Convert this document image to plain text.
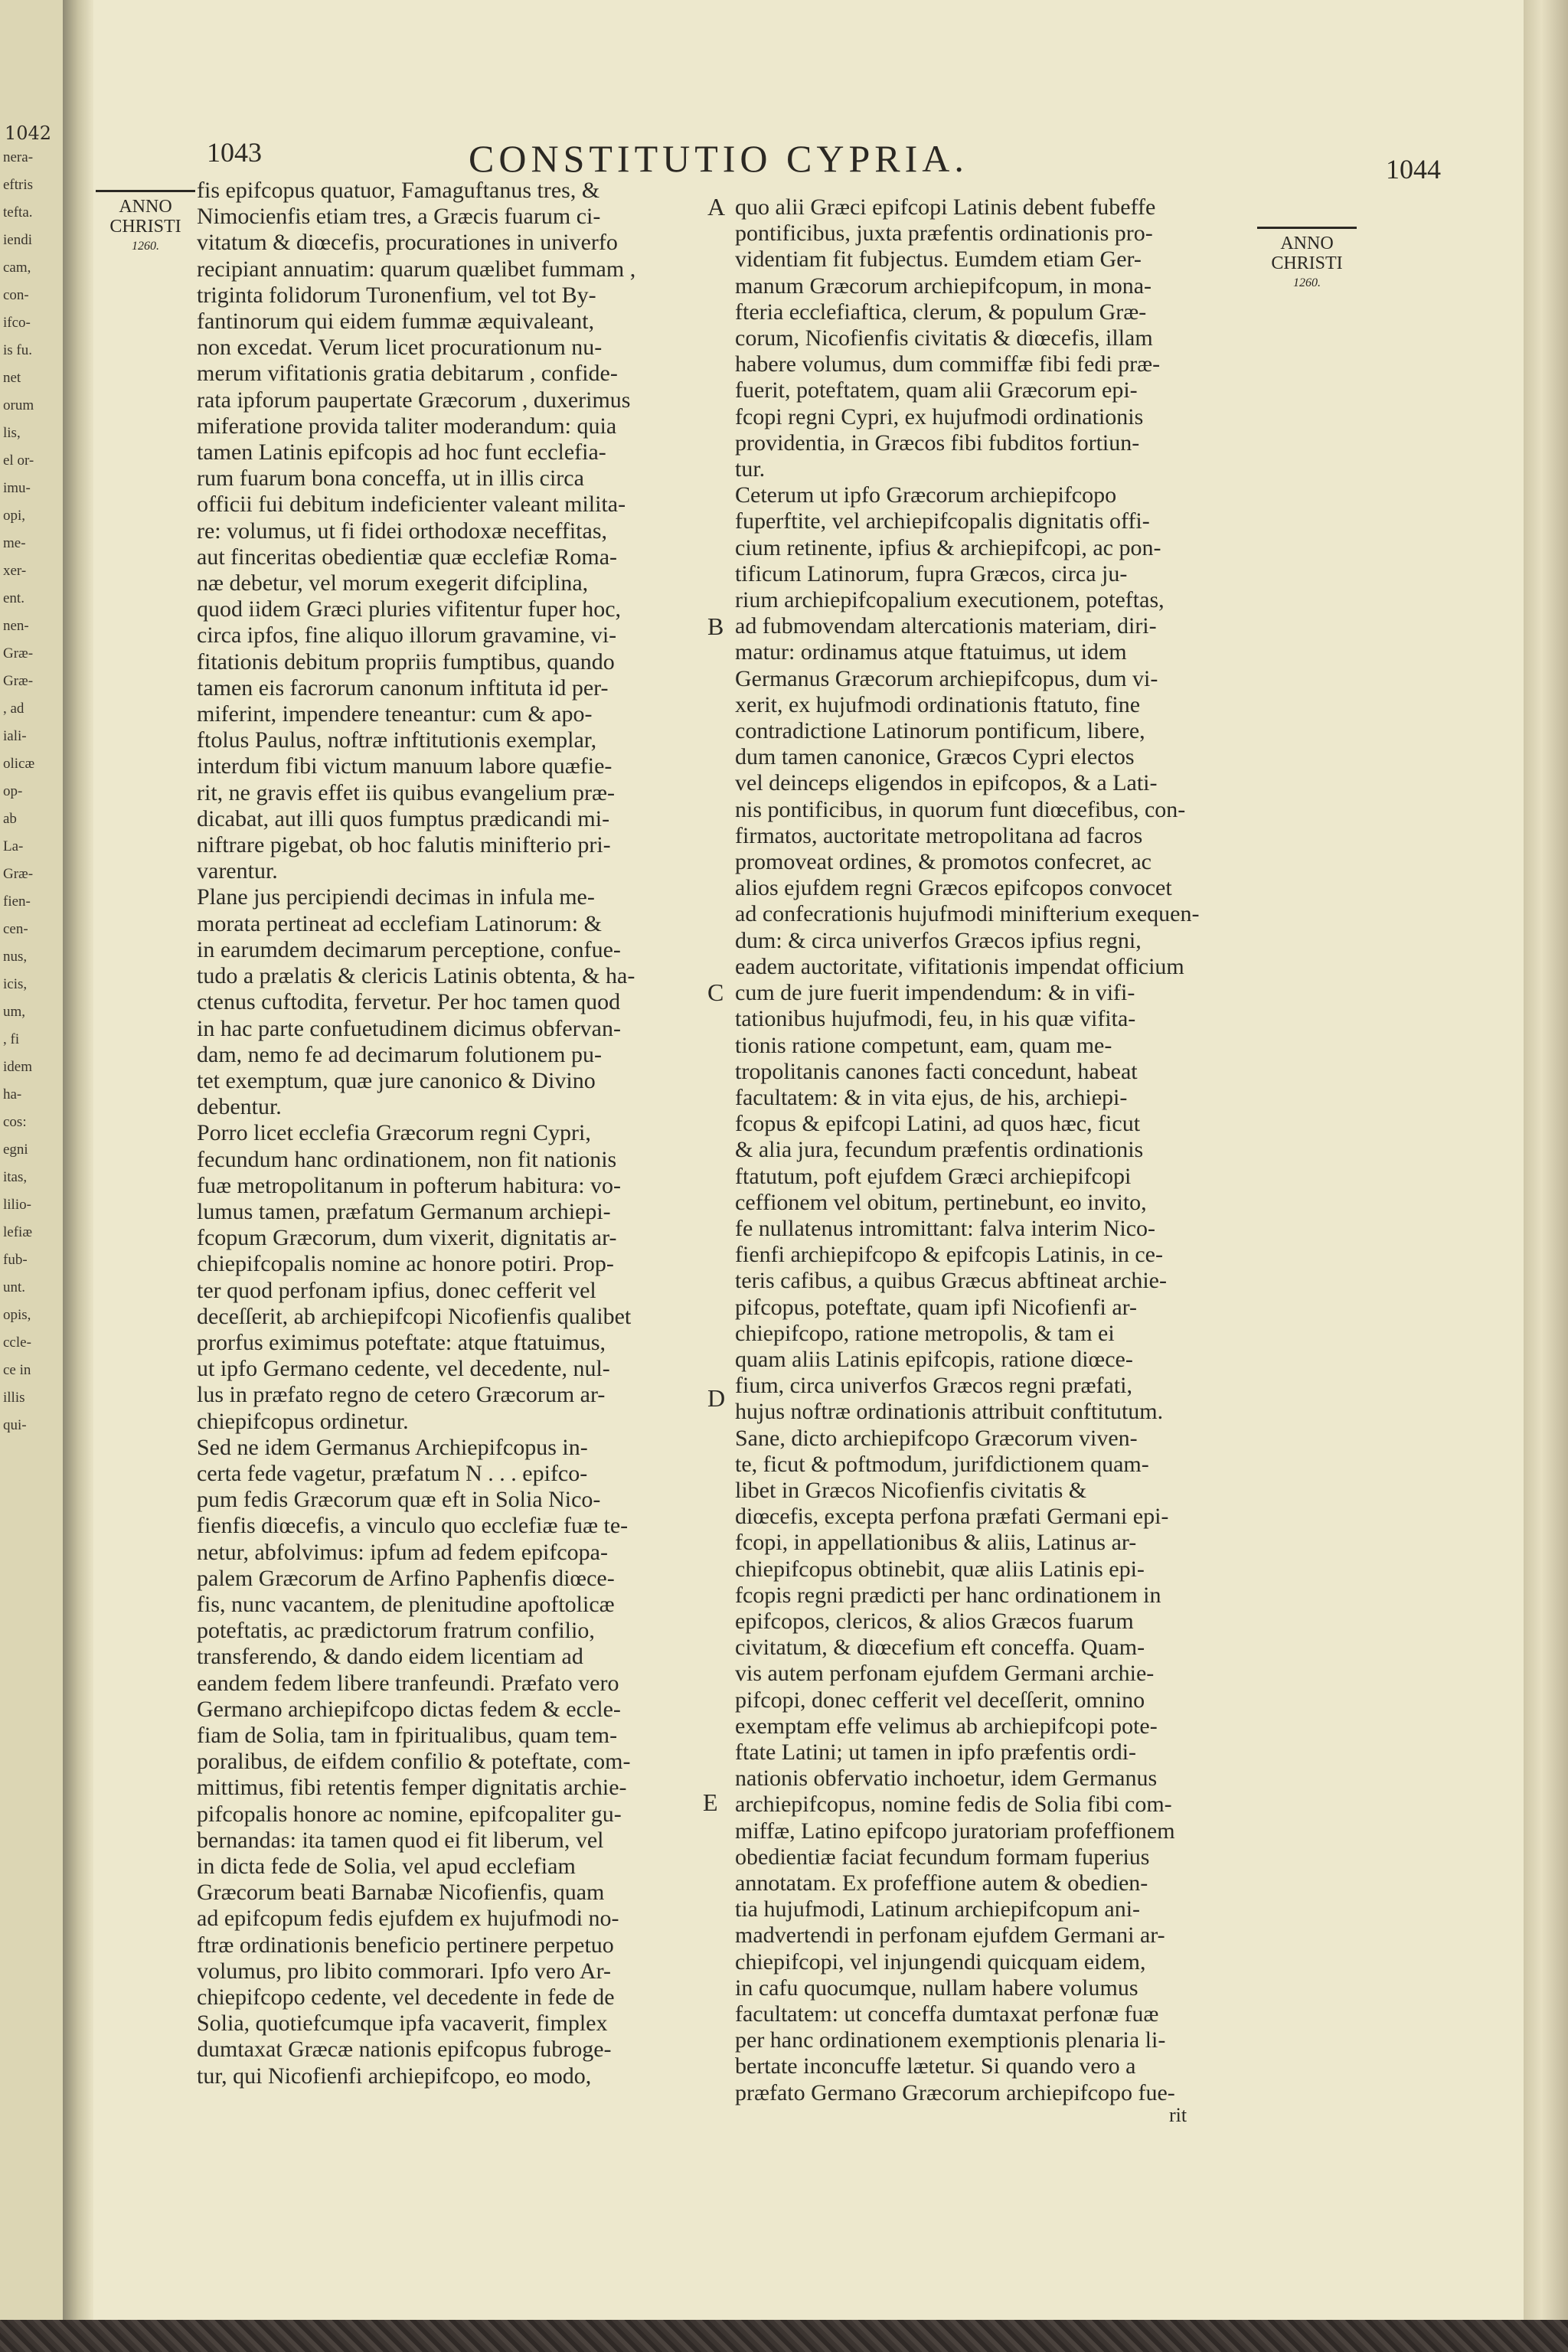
1042
nera-
eftris
tefta.
iendi
cam,
con-
ifco-
is fu.
net
orum
lis,
el or-
imu-
opi,
me-
xer-
ent.
nen-
Græ-
Græ-
, ad
iali-
olicæ
op-
ab
La-
Græ-
fien-
cen-
nus,
icis,
um,
, fi
idem
ha-
cos:
egni
itas,
lilio-
lefiæ
fub-
unt.
opis,
ccle-
ce in
illis
qui-
1043	CONSTITUTIO CYPRIA.	1044
ANNO
CHRISTI
1260.	ANNO
CHRISTI
1260.
fis epifcopus quatuor, Famaguftanus tres, &
Nimocienfis etiam tres, a Græcis fuarum ci-
vitatum & diœcefis, procurationes in univerfo
recipiant annuatim: quarum quælibet fummam ,
triginta folidorum Turonenfium, vel tot By-
fantinorum qui eidem fummæ æquivaleant,
non excedat. Verum licet procurationum nu-
merum vifitationis gratia debitarum , confide-
rata ipforum paupertate Græcorum , duxerimus
miferatione provida taliter moderandum: quia
tamen Latinis epifcopis ad hoc funt ecclefia-
rum fuarum bona conceffa, ut in illis circa
officii fui debitum indeficienter valeant milita-
re: volumus, ut fi fidei orthodoxæ neceffitas,
aut finceritas obedientiæ quæ ecclefiæ Roma-
næ debetur, vel morum exegerit difciplina,
quod iidem Græci pluries vifitentur fuper hoc,
circa ipfos, fine aliquo illorum gravamine, vi-
fitationis debitum propriis fumptibus, quando
tamen eis facrorum canonum inftituta id per-
miferint, impendere teneantur: cum & apo-
ftolus Paulus, noftræ inftitutionis exemplar,
interdum fibi victum manuum labore quæfie-
rit, ne gravis effet iis quibus evangelium præ-
dicabat, aut illi quos fumptus prædicandi mi-
niftrare pigebat, ob hoc falutis minifterio pri-
varentur.
Plane jus percipiendi decimas in infula me-
morata pertineat ad ecclefiam Latinorum: &
in earumdem decimarum perceptione, confue-
tudo a prælatis & clericis Latinis obtenta, & ha-
ctenus cuftodita, fervetur. Per hoc tamen quod
in hac parte confuetudinem dicimus obfervan-
dam, nemo fe ad decimarum folutionem pu-
tet exemptum, quæ jure canonico & Divino
debentur.
Porro licet ecclefia Græcorum regni Cypri,
fecundum hanc ordinationem, non fit nationis
fuæ metropolitanum in pofterum habitura: vo-
lumus tamen, præfatum Germanum archiepi-
fcopum Græcorum, dum vixerit, dignitatis ar-
chiepifcopalis nomine ac honore potiri. Prop-
ter quod perfonam ipfius, donec cefferit vel
deceſſerit, ab archiepifcopi Nicofienfis qualibet
prorfus eximimus poteftate: atque ftatuimus,
ut ipfo Germano cedente, vel decedente, nul-
lus in præfato regno de cetero Græcorum ar-
chiepifcopus ordinetur.
Sed ne idem Germanus Archiepifcopus in-
certa fede vagetur, præfatum N . . . epifco-
pum fedis Græcorum quæ eft in Solia Nico-
fienfis diœcefis, a vinculo quo ecclefiæ fuæ te-
netur, abfolvimus: ipfum ad fedem epifcopa-
palem Græcorum de Arfino Paphenfis diœce-
fis, nunc vacantem, de plenitudine apoftolicæ
poteftatis, ac prædictorum fratrum confilio,
transferendo, & dando eidem licentiam ad
eandem fedem libere tranfeundi. Præfato vero
Germano archiepifcopo dictas fedem & eccle-
fiam de Solia, tam in fpiritualibus, quam tem-
poralibus, de eifdem confilio & poteftate, com-
mittimus, fibi retentis femper dignitatis archie-
pifcopalis honore ac nomine, epifcopaliter gu-
bernandas: ita tamen quod ei fit liberum, vel
in dicta fede de Solia, vel apud ecclefiam
Græcorum beati Barnabæ Nicofienfis, quam
ad epifcopum fedis ejufdem ex hujufmodi no-
ftræ ordinationis beneficio pertinere perpetuo
volumus, pro libito commorari. Ipfo vero Ar-
chiepifcopo cedente, vel decedente in fede de
Solia, quotiefcumque ipfa vacaverit, fimplex
dumtaxat Græcæ nationis epifcopus fubroge-
tur, qui Nicofienfi archiepifcopo, eo modo,
quo alii Græci epifcopi Latinis debent fubeffe
pontificibus, juxta præfentis ordinationis pro-
videntiam fit fubjectus. Eumdem etiam Ger-
manum Græcorum archiepifcopum, in mona-
fteria ecclefiaftica, clerum, & populum Græ-
corum, Nicofienfis civitatis & diœcefis, illam
habere volumus, dum commiffæ fibi fedi præ-
fuerit, poteftatem, quam alii Græcorum epi-
fcopi regni Cypri, ex hujufmodi ordinationis
providentia, in Græcos fibi fubditos fortiun-
tur.
Ceterum ut ipfo Græcorum archiepifcopo
fuperftite, vel archiepifcopalis dignitatis offi-
cium retinente, ipfius & archiepifcopi, ac pon-
tificum Latinorum, fupra Græcos, circa ju-
rium archiepifcopalium executionem, poteftas,
ad fubmovendam altercationis materiam, diri-
matur: ordinamus atque ftatuimus, ut idem
Germanus Græcorum archiepifcopus, dum vi-
xerit, ex hujufmodi ordinationis ftatuto, fine
contradictione Latinorum pontificum, libere,
dum tamen canonice, Græcos Cypri electos
vel deinceps eligendos in epifcopos, & a Lati-
nis pontificibus, in quorum funt diœcefibus, con-
firmatos, auctoritate metropolitana ad facros
promoveat ordines, & promotos confecret, ac
alios ejufdem regni Græcos epifcopos convocet
ad confecrationis hujufmodi minifterium exequen-
dum: & circa univerfos Græcos ipfius regni,
eadem auctoritate, vifitationis impendat officium
cum de jure fuerit impendendum: & in vifi-
tationibus hujufmodi, feu, in his quæ vifita-
tionis ratione competunt, eam, quam me-
tropolitanis canones facti concedunt, habeat
facultatem: & in vita ejus, de his, archiepi-
fcopus & epifcopi Latini, ad quos hæc, ficut
& alia jura, fecundum præfentis ordinationis
ftatutum, poft ejufdem Græci archiepifcopi
ceffionem vel obitum, pertinebunt, eo invito,
fe nullatenus intromittant: falva interim Nico-
fienfi archiepifcopo & epifcopis Latinis, in ce-
teris cafibus, a quibus Græcus abftineat archie-
pifcopus, poteftate, quam ipfi Nicofienfi ar-
chiepifcopo, ratione metropolis, & tam ei
quam aliis Latinis epifcopis, ratione diœce-
fium, circa univerfos Græcos regni præfati,
hujus noftræ ordinationis attribuit conftitutum.
Sane, dicto archiepifcopo Græcorum viven-
te, ficut & poftmodum, jurifdictionem quam-
libet in Græcos Nicofienfis civitatis &
diœcefis, excepta perfona præfati Germani epi-
fcopi, in appellationibus & aliis, Latinus ar-
chiepifcopus obtinebit, quæ aliis Latinis epi-
fcopis regni prædicti per hanc ordinationem in
epifcopos, clericos, & alios Græcos fuarum
civitatum, & diœcefium eft conceffa. Quam-
vis autem perfonam ejufdem Germani archie-
pifcopi, donec cefferit vel deceſſerit, omnino
exemptam effe velimus ab archiepifcopi pote-
ftate Latini; ut tamen in ipfo præfentis ordi-
nationis obfervatio inchoetur, idem Germanus
archiepifcopus, nomine fedis de Solia fibi com-
miffæ, Latino epifcopo juratoriam profeffionem
obedientiæ faciat fecundum formam fuperius
annotatam. Ex profeffione autem & obedien-
tia hujufmodi, Latinum archiepifcopum ani-
madvertendi in perfonam ejufdem Germani ar-
chiepifcopi, vel injungendi quicquam eidem,
in cafu quocumque, nullam habere volumus
facultatem: ut conceffa dumtaxat perfonæ fuæ
per hanc ordinationem exemptionis plenaria li-
bertate inconcuffe lætetur. Si quando vero a
præfato Germano Græcorum archiepifcopo fue-
A
B
C
D
E
rit
